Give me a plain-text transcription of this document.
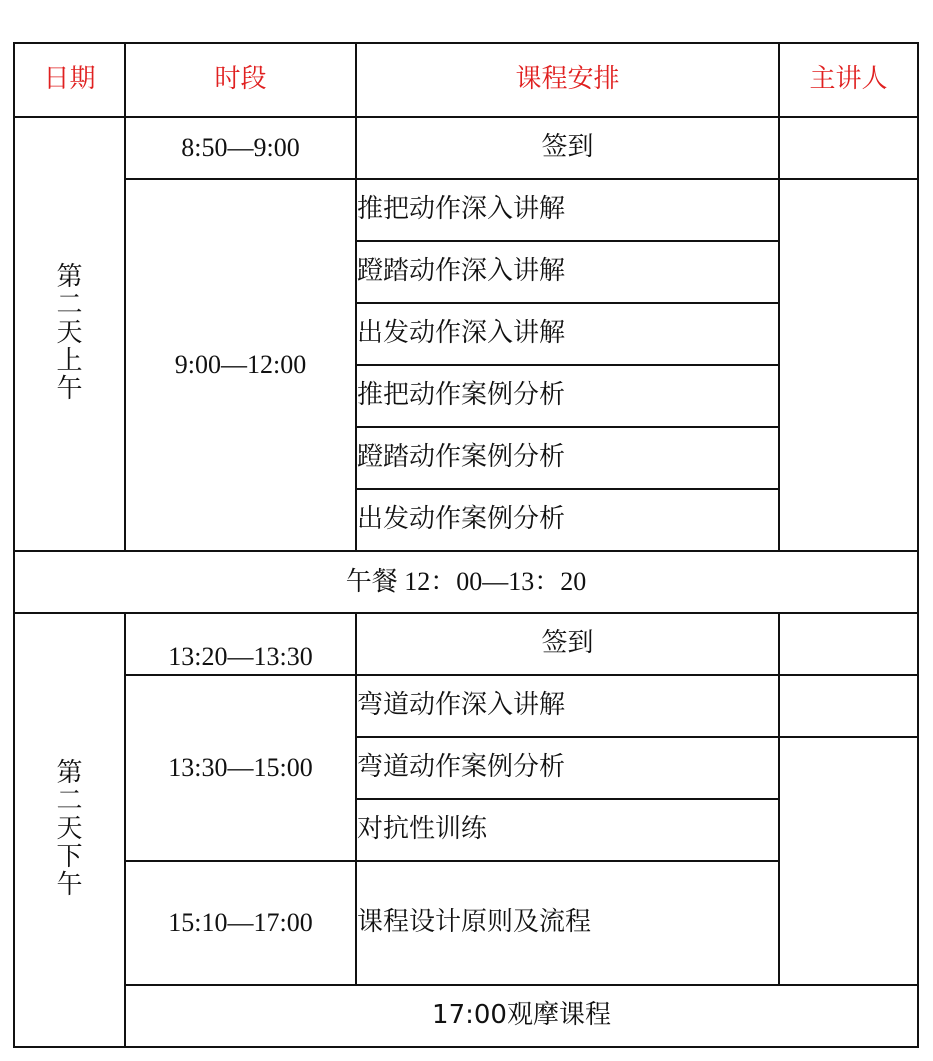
日期	时段	课程安排	主讲人
第二天上午	8:50—9:00	签到	
	9:00—12:00	推把动作深入讲解	
		蹬踏动作深入讲解	
		出发动作深入讲解	
		推把动作案例分析	
		蹬踏动作案例分析	
		出发动作案例分析	
午餐 12：00—13：20			
第二天下午	13:20—13:30	签到	
	13:30—15:00	弯道动作深入讲解	
		弯道动作案例分析	
		对抗性训练	
	15:10—17:00	课程设计原则及流程	
	17:00观摩课程		
